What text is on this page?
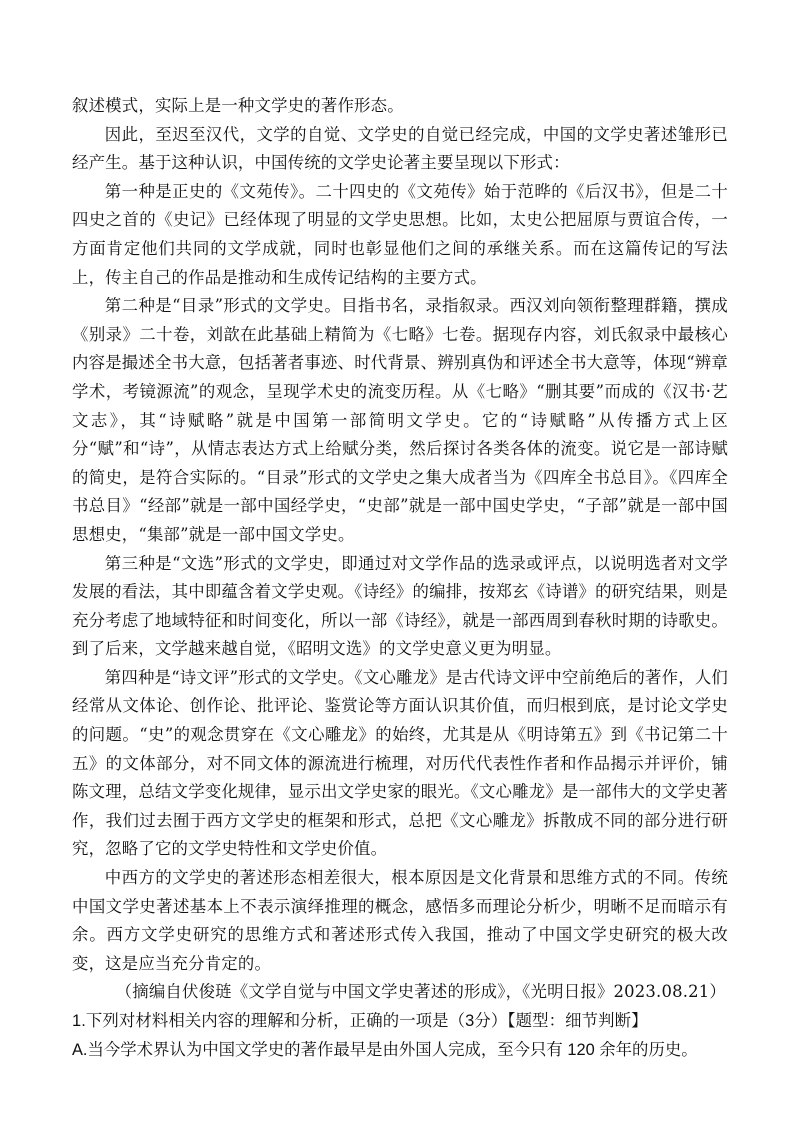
叙述模式，实际上是一种文学史的著作形态。

因此，至迟至汉代，文学的自觉、文学史的自觉已经完成，中国的文学史著述雏形已经产生。基于这种认识，中国传统的文学史论著主要呈现以下形式：

第一种是正史的《文苑传》。二十四史的《文苑传》始于范晔的《后汉书》，但是二十四史之首的《史记》已经体现了明显的文学史思想。比如，太史公把屈原与贾谊合传，一方面肯定他们共同的文学成就，同时也彰显他们之间的承继关系。而在这篇传记的写法上，传主自己的作品是推动和生成传记结构的主要方式。

第二种是“目录”形式的文学史。目指书名，录指叙录。西汉刘向领衔整理群籍，撰成《别录》二十卷，刘歆在此基础上精简为《七略》七卷。据现存内容，刘氏叙录中最核心内容是撮述全书大意，包括著者事迹、时代背景、辨别真伪和评述全书大意等，体现“辨章学术，考镜源流”的观念，呈现学术史的流变历程。从《七略》“删其要”而成的《汉书·艺文志》，其“诗赋略”就是中国第一部简明文学史。它的“诗赋略”从传播方式上区分“赋”和“诗”，从情志表达方式上给赋分类，然后探讨各类各体的流变。说它是一部诗赋的简史，是符合实际的。“目录”形式的文学史之集大成者当为《四库全书总目》。《四库全书总目》“经部”就是一部中国经学史，“史部”就是一部中国史学史，“子部”就是一部中国思想史，“集部”就是一部中国文学史。

第三种是“文选”形式的文学史，即通过对文学作品的选录或评点，以说明选者对文学发展的看法，其中即蕴含着文学史观。《诗经》的编排，按郑玄《诗谱》的研究结果，则是充分考虑了地域特征和时间变化，所以一部《诗经》，就是一部西周到春秋时期的诗歌史。到了后来，文学越来越自觉，《昭明文选》的文学史意义更为明显。

第四种是“诗文评”形式的文学史。《文心雕龙》是古代诗文评中空前绝后的著作，人们经常从文体论、创作论、批评论、鉴赏论等方面认识其价值，而归根到底，是讨论文学史的问题。“史”的观念贯穿在《文心雕龙》的始终，尤其是从《明诗第五》到《书记第二十五》的文体部分，对不同文体的源流进行梳理，对历代代表性作者和作品揭示并评价，铺陈文理，总结文学变化规律，显示出文学史家的眼光。《文心雕龙》是一部伟大的文学史著作，我们过去囿于西方文学史的框架和形式，总把《文心雕龙》拆散成不同的部分进行研究，忽略了它的文学史特性和文学史价值。

中西方的文学史的著述形态相差很大，根本原因是文化背景和思维方式的不同。传统中国文学史著述基本上不表示演绎推理的概念，感悟多而理论分析少，明晰不足而暗示有余。西方文学史研究的思维方式和著述形式传入我国，推动了中国文学史研究的极大改变，这是应当充分肯定的。

（摘编自伏俊琏《文学自觉与中国文学史著述的形成》，《光明日报》2023.08.21）

1.下列对材料相关内容的理解和分析，正确的一项是（3分）【题型：细节判断】

A.当今学术界认为中国文学史的著作最早是由外国人完成，至今只有 120 余年的历史。
